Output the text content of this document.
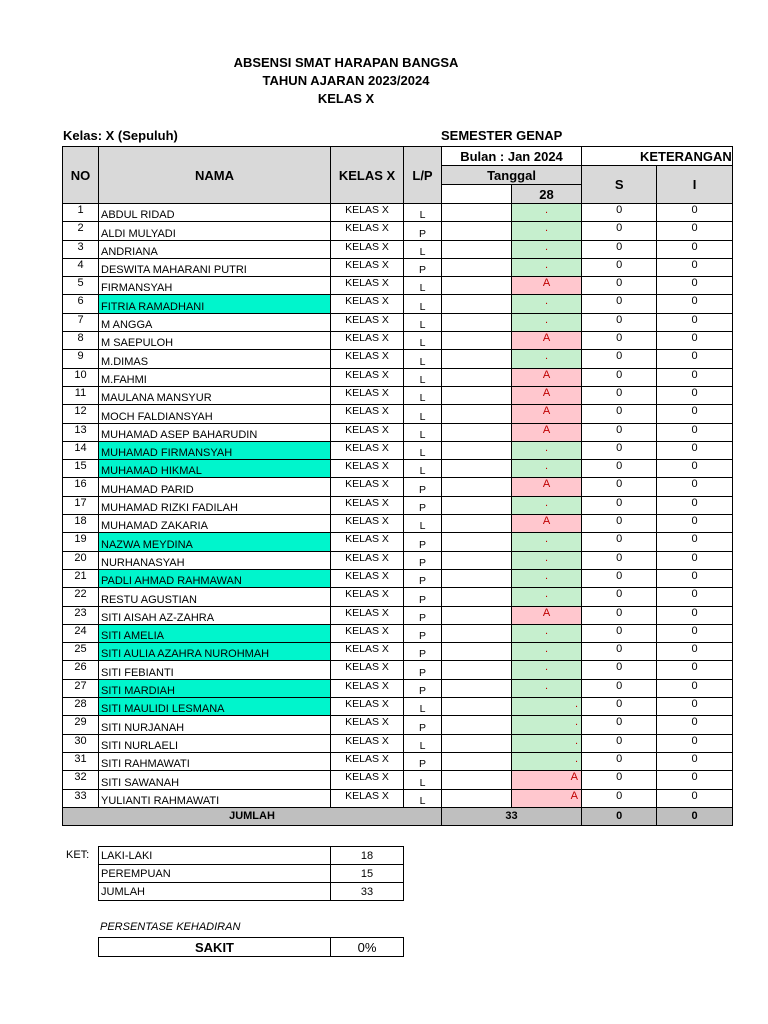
ABSENSI SMAT HARAPAN BANGSA
TAHUN AJARAN 2023/2024
KELAS X
Kelas: X (Sepuluh)	SEMESTER GENAP
NO	NAMA	KELAS X	L/P	Bulan : Jan 2024		KETERANGAN	
				Tanggal		S	I
					28		
1	ABDUL RIDAD	KELAS X	L		.	0	0
2	ALDI MULYADI	KELAS X	P		.	0	0
3	ANDRIANA	KELAS X	L		.	0	0
4	DESWITA MAHARANI PUTRI	KELAS X	P		.	0	0
5	FIRMANSYAH	KELAS X	L		A	0	0
6	FITRIA RAMADHANI	KELAS X	L		.	0	0
7	M ANGGA	KELAS X	L		.	0	0
8	M SAEPULOH	KELAS X	L		A	0	0
9	M.DIMAS	KELAS X	L		.	0	0
10	M.FAHMI	KELAS X	L		A	0	0
11	MAULANA MANSYUR	KELAS X	L		A	0	0
12	MOCH FALDIANSYAH	KELAS X	L		A	0	0
13	MUHAMAD ASEP BAHARUDIN	KELAS X	L		A	0	0
14	MUHAMAD FIRMANSYAH	KELAS X	L		.	0	0
15	MUHAMAD HIKMAL	KELAS X	L		.	0	0
16	MUHAMAD PARID	KELAS X	P		A	0	0
17	MUHAMAD RIZKI FADILAH	KELAS X	P		.	0	0
18	MUHAMAD ZAKARIA	KELAS X	L		A	0	0
19	NAZWA MEYDINA	KELAS X	P		.	0	0
20	NURHANASYAH	KELAS X	P		.	0	0
21	PADLI AHMAD RAHMAWAN	KELAS X	P		.	0	0
22	RESTU AGUSTIAN	KELAS X	P		.	0	0
23	SITI AISAH AZ-ZAHRA	KELAS X	P		A	0	0
24	SITI AMELIA	KELAS X	P		.	0	0
25	SITI AULIA AZAHRA NUROHMAH	KELAS X	P		.	0	0
26	SITI FEBIANTI	KELAS X	P		.	0	0
27	SITI MARDIAH	KELAS X	P		.	0	0
28	SITI MAULIDI LESMANA	KELAS X	L		.	0	0
29	SITI NURJANAH	KELAS X	P		.	0	0
30	SITI NURLAELI	KELAS X	L		.	0	0
31	SITI RAHMAWATI	KELAS X	P		.	0	0
32	SITI SAWANAH	KELAS X	L		A	0	0
33	YULIANTI RAHMAWATI	KELAS X	L		A	0	0
JUMLAH				33		0	0
KET: LAKI-LAKI	18
PEREMPUAN	15
JUMLAH	33
PERSENTASE KEHADIRAN
SAKIT	0%
